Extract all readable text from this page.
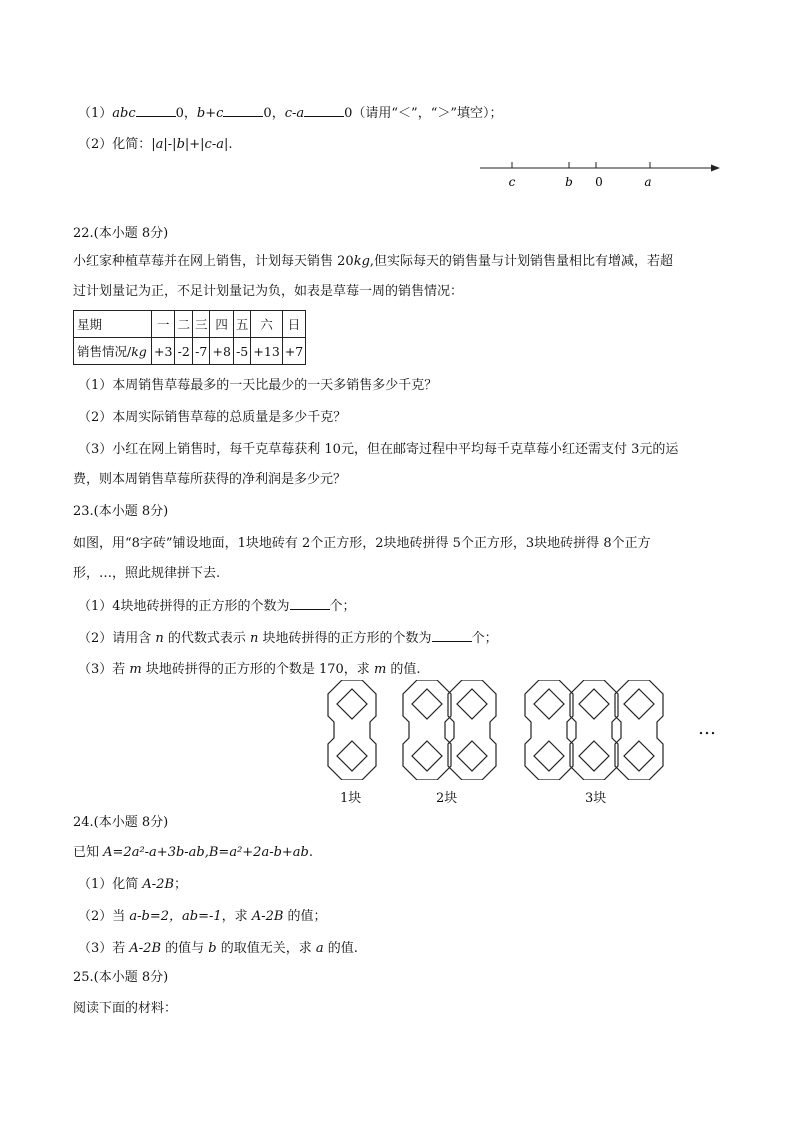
（1）abc	0，b+c	0，c-a	0（请用“＜”，“＞”填空）；
（2）化简：|a|-|b|+|c-a|.
c	b 0	a
22.(本小题 8分)
小红家种植草莓并在网上销售，计划每天销售 20kg,但实际每天的销售量与计划销售量相比有增减，若超
过计划量记为正，不足计划量记为负，如表是草莓一周的销售情况：
星期	一	二	三	四	五	六	日
销售情况/kg	+3	-2	-7	+8	-5	+13	+7
（1）本周销售草莓最多的一天比最少的一天多销售多少千克？
（2）本周实际销售草莓的总质量是多少千克？
（3）小红在网上销售时，每千克草莓获利 10元，但在邮寄过程中平均每千克草莓小红还需支付 3元的运
费，则本周销售草莓所获得的净利润是多少元？
23.(本小题 8分)
如图，用“8字砖”铺设地面，1块地砖有 2个正方形，2块地砖拼得 5个正方形，3块地砖拼得 8个正方
形，…，照此规律拼下去.
（1）4块地砖拼得的正方形的个数为	个；
（2）请用含 n 的代数式表示 n 块地砖拼得的正方形的个数为	个；
（3）若 m 块地砖拼得的正方形的个数是 170，求 m 的值.
1块	2块	3块
…
24.(本小题 8分)
已知 A=2a²-a+3b-ab,B=a²+2a-b+ab.
（1）化简 A-2B；
（2）当 a-b=2，ab=-1，求 A-2B 的值；
（3）若 A-2B 的值与 b 的取值无关，求 a 的值.
25.(本小题 8分)
阅读下面的材料：
